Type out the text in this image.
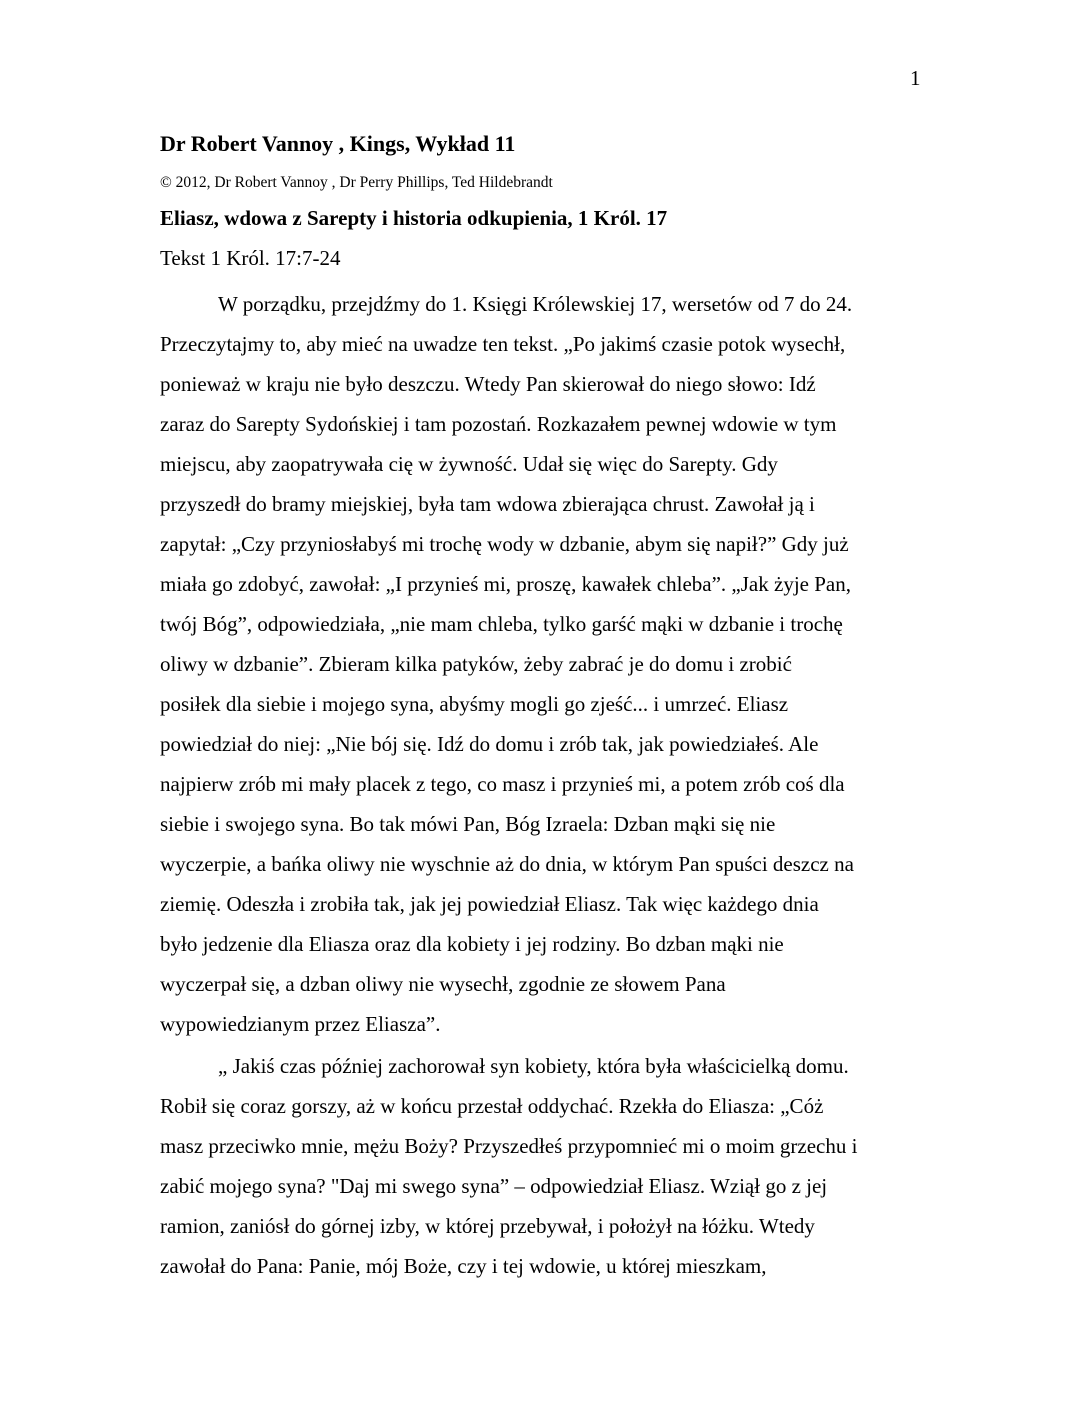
1
Dr Robert Vannoy , Kings, Wykład 11
© 2012, Dr Robert Vannoy , Dr Perry Phillips, Ted Hildebrandt
Eliasz, wdowa z Sarepty i historia odkupienia, 1 Król. 17
Tekst 1 Król. 17:7-24
W porządku, przejdźmy do 1. Księgi Królewskiej 17, wersetów od 7 do 24.
Przeczytajmy to, aby mieć na uwadze ten tekst. „Po jakimś czasie potok wysechł,
ponieważ w kraju nie było deszczu. Wtedy Pan skierował do niego słowo: Idź
zaraz do Sarepty Sydońskiej i tam pozostań. Rozkazałem pewnej wdowie w tym
miejscu, aby zaopatrywała cię w żywność. Udał się więc do Sarepty. Gdy
przyszedł do bramy miejskiej, była tam wdowa zbierająca chrust. Zawołał ją i
zapytał: „Czy przyniosłabyś mi trochę wody w dzbanie, abym się napił?” Gdy już
miała go zdobyć, zawołał: „I przynieś mi, proszę, kawałek chleba”. „Jak żyje Pan,
twój Bóg”, odpowiedziała, „nie mam chleba, tylko garść mąki w dzbanie i trochę
oliwy w dzbanie”. Zbieram kilka patyków, żeby zabrać je do domu i zrobić
posiłek dla siebie i mojego syna, abyśmy mogli go zjeść... i umrzeć. Eliasz
powiedział do niej: „Nie bój się. Idź do domu i zrób tak, jak powiedziałeś. Ale
najpierw zrób mi mały placek z tego, co masz i przynieś mi, a potem zrób coś dla
siebie i swojego syna. Bo tak mówi Pan, Bóg Izraela: Dzban mąki się nie
wyczerpie, a bańka oliwy nie wyschnie aż do dnia, w którym Pan spuści deszcz na
ziemię. Odeszła i zrobiła tak, jak jej powiedział Eliasz. Tak więc każdego dnia
było jedzenie dla Eliasza oraz dla kobiety i jej rodziny. Bo dzban mąki nie
wyczerpał się, a dzban oliwy nie wysechł, zgodnie ze słowem Pana
wypowiedzianym przez Eliasza”.
„ Jakiś czas później zachorował syn kobiety, która była właścicielką domu.
Robił się coraz gorszy, aż w końcu przestał oddychać. Rzekła do Eliasza: „Cóż
masz przeciwko mnie, mężu Boży? Przyszedłeś przypomnieć mi o moim grzechu i
zabić mojego syna? "Daj mi swego syna” – odpowiedział Eliasz. Wziął go z jej
ramion, zaniósł do górnej izby, w której przebywał, i położył na łóżku. Wtedy
zawołał do Pana: Panie, mój Boże, czy i tej wdowie, u której mieszkam,
